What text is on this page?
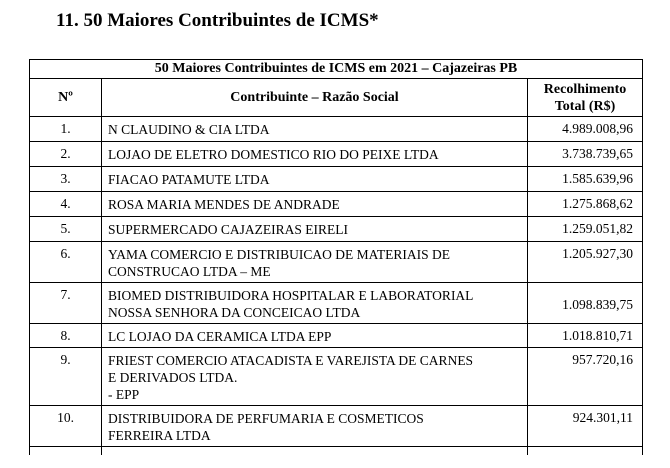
11. 50 Maiores Contribuintes de ICMS*
50 Maiores Contribuintes de ICMS em 2021 – Cajazeiras PB		
Nº	Contribuinte – Razão Social	Recolhimento
Total (R$)
1.	N CLAUDINO & CIA LTDA	4.989.008,96
2.	LOJAO DE ELETRO DOMESTICO RIO DO PEIXE LTDA	3.738.739,65
3.	FIACAO PATAMUTE LTDA	1.585.639,96
4.	ROSA MARIA MENDES DE ANDRADE	1.275.868,62
5.	SUPERMERCADO CAJAZEIRAS EIRELI	1.259.051,82
6.	YAMA COMERCIO E DISTRIBUICAO DE MATERIAIS DE
CONSTRUCAO LTDA – ME	1.205.927,30
7.	BIOMED DISTRIBUIDORA HOSPITALAR E LABORATORIAL
NOSSA SENHORA DA CONCEICAO LTDA	1.098.839,75
8.	LC LOJAO DA CERAMICA LTDA EPP	1.018.810,71
9.	FRIEST COMERCIO ATACADISTA E VAREJISTA DE CARNES
E DERIVADOS LTDA.
- EPP	957.720,16
10.	DISTRIBUIDORA DE PERFUMARIA E COSMETICOS
FERREIRA LTDA	924.301,11
